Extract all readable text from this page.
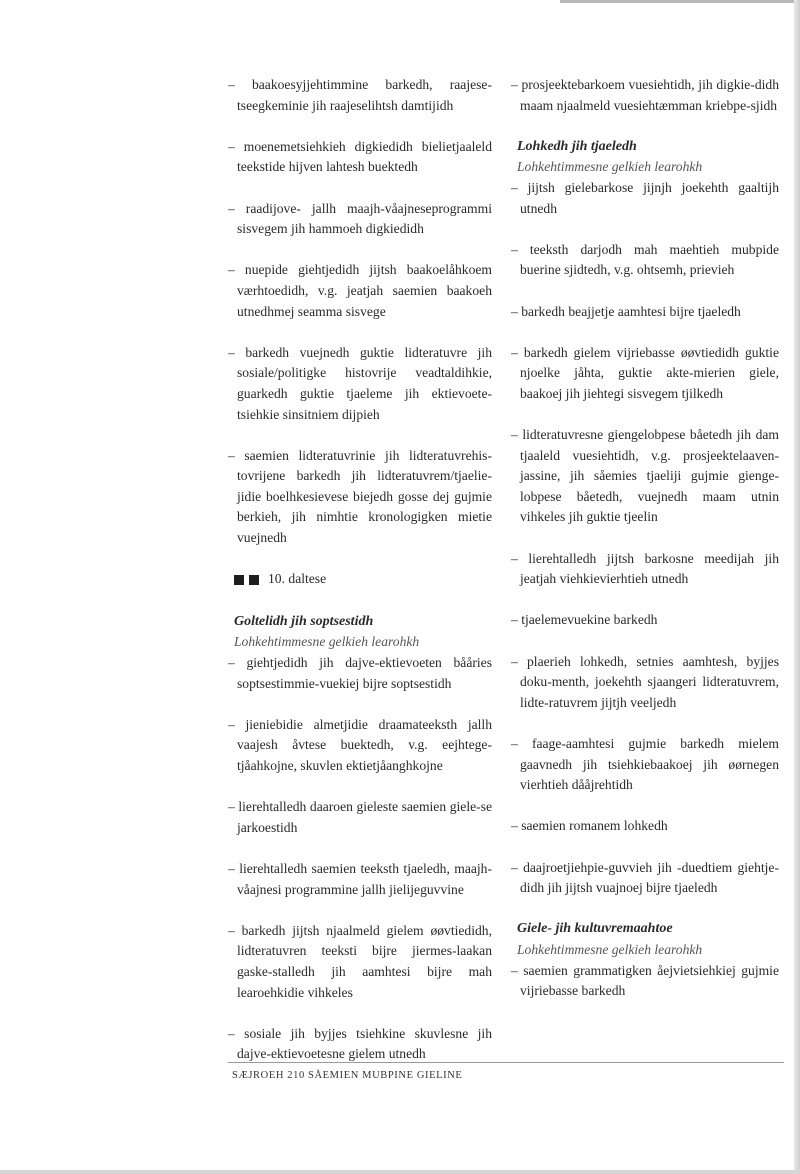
– baakoesyjjehtimmine barkedh, raajese-tseegkeminie jih raajeselihtsh damtijidh

– moenemetsiehkieh digkiedidh bielietjaaleld teekstide hijven lahtesh buektedh

– raadijove- jallh maajh-våajneseprogrammi sisvegem jih hammoeh digkiedidh

– nuepide giehtjedidh jijtsh baakoelåhkoem værhtoedidh, v.g. jeatjah saemien baakoeh utnedhmej seamma sisvege

– barkedh vuejnedh guktie lidteratuvre jih sosiale/politigke histovrije veadtaldihkie, guarkedh guktie tjaeleme jih ektievoete-tsiehkie sinsitniem dijpieh

– saemien lidteratuvrinie jih lidteratuvrehis-tovrijene barkedh jih lidteratuvrem/tjaelie-jidie boelhkesievese biejedh gosse dej gujmie berkieh, jih nimhtie kronologigken mietie vuejnedh

10. daltese
Goltelidh jih soptsestidh
Lohkehtimmesne gelkieh learohkh

– giehtjedidh jih dajve-ektievoeten bååries soptsestimmie-vuekiej bijre soptsestidh

– jieniebidie almetjidie draamateeksth jallh vaajesh åvtese buektedh, v.g. eejhtege-tjåahkojne, skuvlen ektietjåanghkojne

– lierehtalledh daaroen gieleste saemien giele-se jarkoestidh

– lierehtalledh saemien teeksth tjaeledh, maajh-våajnesi programmine jallh jielijeguvvine

– barkedh jijtsh njaalmeld gielem øøvtiedidh, lidteratuvren teeksti bijre jiermes-laakan gaske-stalledh jih aamhtesi bijre mah learoehkidie vihkeles

– sosiale jih byjjes tsiehkine skuvlesne jih dajve-ektievoetesne gielem utnedh

– prosjeektebarkoem vuesiehtidh, jih digkie-didh maam njaalmeld vuesiehtæmman kriebpe-sjidh

Lohkedh jih tjaeledh
Lohkehtimmesne gelkieh learohkh

– jijtsh gielebarkose jijnjh joekehth gaaltijh utnedh

– teeksth darjodh mah maehtieh mubpide buerine sjidtedh, v.g. ohtsemh, prievieh

– barkedh beajjetje aamhtesi bijre tjaeledh

– barkedh gielem vijriebasse øøvtiedidh guktie njoelke jåhta, guktie akte-mierien giele, baakoej jih jiehtegi sisvegem tjilkedh

– lidteratuvresne giengelobpese båetedh jih dam tjaaleld vuesiehtidh, v.g. prosjeektelaaven-jassine, jih såemies tjaeliji gujmie gienge-lobpese båetedh, vuejnedh maam utnin vihkeles jih guktie tjeelin

– lierehtalledh jijtsh barkosne meedijah jih jeatjah viehkievierhtieh utnedh

– tjaelemevuekine barkedh

– plaerieh lohkedh, setnies aamhtesh, byjjes doku-menth, joekehth sjaangeri lidteratuvrem, lidte-ratuvrem jijtjh veeljedh

– faage-aamhtesi gujmie barkedh mielem gaavnedh jih tsiehkiebaakoej jih øørnegen vierhtieh dååjrehtidh

– saemien romanem lohkedh

– daajroetjiehpie-guvvieh jih -duedtiem giehtje-didh jih jijtsh vuajnoej bijre tjaeledh

Giele- jih kultuvremaahtoe
Lohkehtimmesne gelkieh learohkh

– saemien grammatigken åejvietsiehkiej gujmie vijriebasse barkedh

SÆJROEH 210 SÅEMIEN MUBPINE GIELINE
